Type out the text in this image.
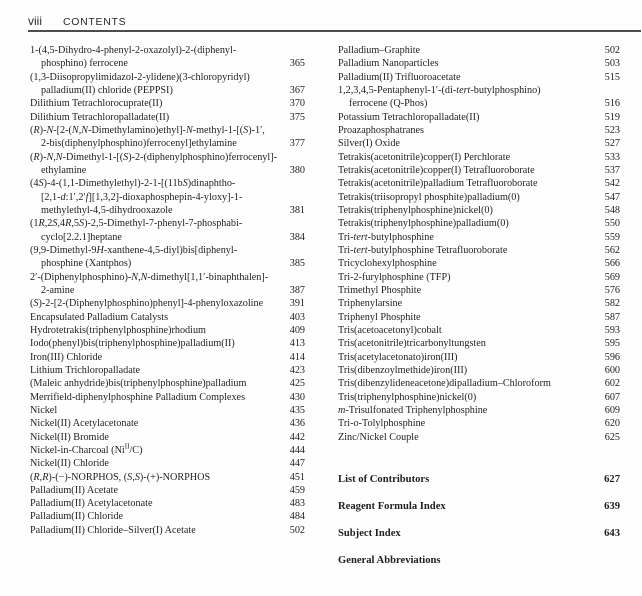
viii CONTENTS
1-(4,5-Dihydro-4-phenyl-2-oxazolyl)-2-(diphenyl-
phosphino) ferrocene	365
(1,3-Diisopropylimidazol-2-ylidene)(3-chloropyridyl)
palladium(II) chloride (PEPPSI)	367
Dilithium Tetrachlorocuprate(II)	370
Dilithium Tetrachloropalladate(II)	375
(R)-N-[2-(N,N-Dimethylamino)ethyl]-N-methyl-1-[(S)-1′,
2-bis(diphenylphosphino)ferrocenyl]ethylamine	377
(R)-N,N-Dimethyl-1-[(S)-2-(diphenylphosphino)ferrocenyl]-
ethylamine	380
(4S)-4-(1,1-Dimethylethyl)-2-1-[(11bS)dinaphtho-
[2,1-d:1′,2′f][1,3,2]-dioxaphosphepin-4-yloxy]-1-
methylethyl-4,5-dihydrooxazole	381
(1R,2S,4R,5S)-2,5-Dimethyl-7-phenyl-7-phosphabi-
cyclo[2.2.1]heptane	384
(9,9-Dimethyl-9H-xanthene-4,5-diyl)bis[diphenyl-
phosphine (Xantphos)	385
2′-(Diphenylphosphino)-N,N-dimethyl[1,1′-binaphthalen]-
2-amine	387
(S)-2-[2-(Diphenylphosphino)phenyl]-4-phenyloxazoline	391
Encapsulated Palladium Catalysts	403
Hydrotetrakis(triphenylphosphine)rhodium	409
Iodo(phenyl)bis(triphenylphosphine)palladium(II)	413
Iron(III) Chloride	414
Lithium Trichloropalladate	423
(Maleic anhydride)bis(triphenylphosphine)palladium	425
Merrifield-diphenylphosphine Palladium Complexes	430
Nickel	435
Nickel(II) Acetylacetonate	436
Nickel(II) Bromide	442
Nickel-in-Charcoal $(Ni^{II}/C)$	444
Nickel(II) Chloride	447
(R,R)-(−)-NORPHOS, (S,S)-(+)-NORPHOS	451
Palladium(II) Acetate	459
Palladium(II) Acetylacetonate	483
Palladium(II) Chloride	484
Palladium(II) Chloride–Silver(I) Acetate	502
Palladium–Graphite	502
Palladium Nanoparticles	503
Palladium(II) Trifluoroacetate	515
1,2,3,4,5-Pentaphenyl-1′-(di-tert-butylphosphino)
ferrocene (Q-Phos)	516
Potassium Tetrachloropalladate(II)	519
Proazaphosphatranes	523
Silver(I) Oxide	527
Tetrakis(acetonitrile)copper(I) Perchlorate	533
Tetrakis(acetonitrile)copper(I) Tetrafluoroborate	537
Tetrakis(acetonitrile)palladium Tetrafluoroborate	542
Tetrakis(triisopropyl phosphite)palladium(0)	547
Tetrakis(triphenylphosphine)nickel(0)	548
Tetrakis(triphenylphosphine)palladium(0)	550
Tri-tert-butylphosphine	559
Tri-tert-butylphosphine Tetrafluoroborate	562
Tricyclohexylphosphine	566
Tri-2-furylphosphine (TFP)	569
Trimethyl Phosphite	576
Triphenylarsine	582
Triphenyl Phosphite	587
Tris(acetoacetonyl)cobalt	593
Tris(acetonitrile)tricarbonyltungsten	595
Tris(acetylacetonato)iron(III)	596
Tris(dibenzoylmethide)iron(III)	600
Tris(dibenzylideneacetone)dipalladium–Chloroform	602
Tris(triphenylphosphine)nickel(0)	607
m-Trisulfonated Triphenylphosphine	609
Tri-o-Tolylphosphine	620
Zinc/Nickel Couple	625
List of Contributors	627
Reagent Formula Index	639
Subject Index	643
General Abbreviations
